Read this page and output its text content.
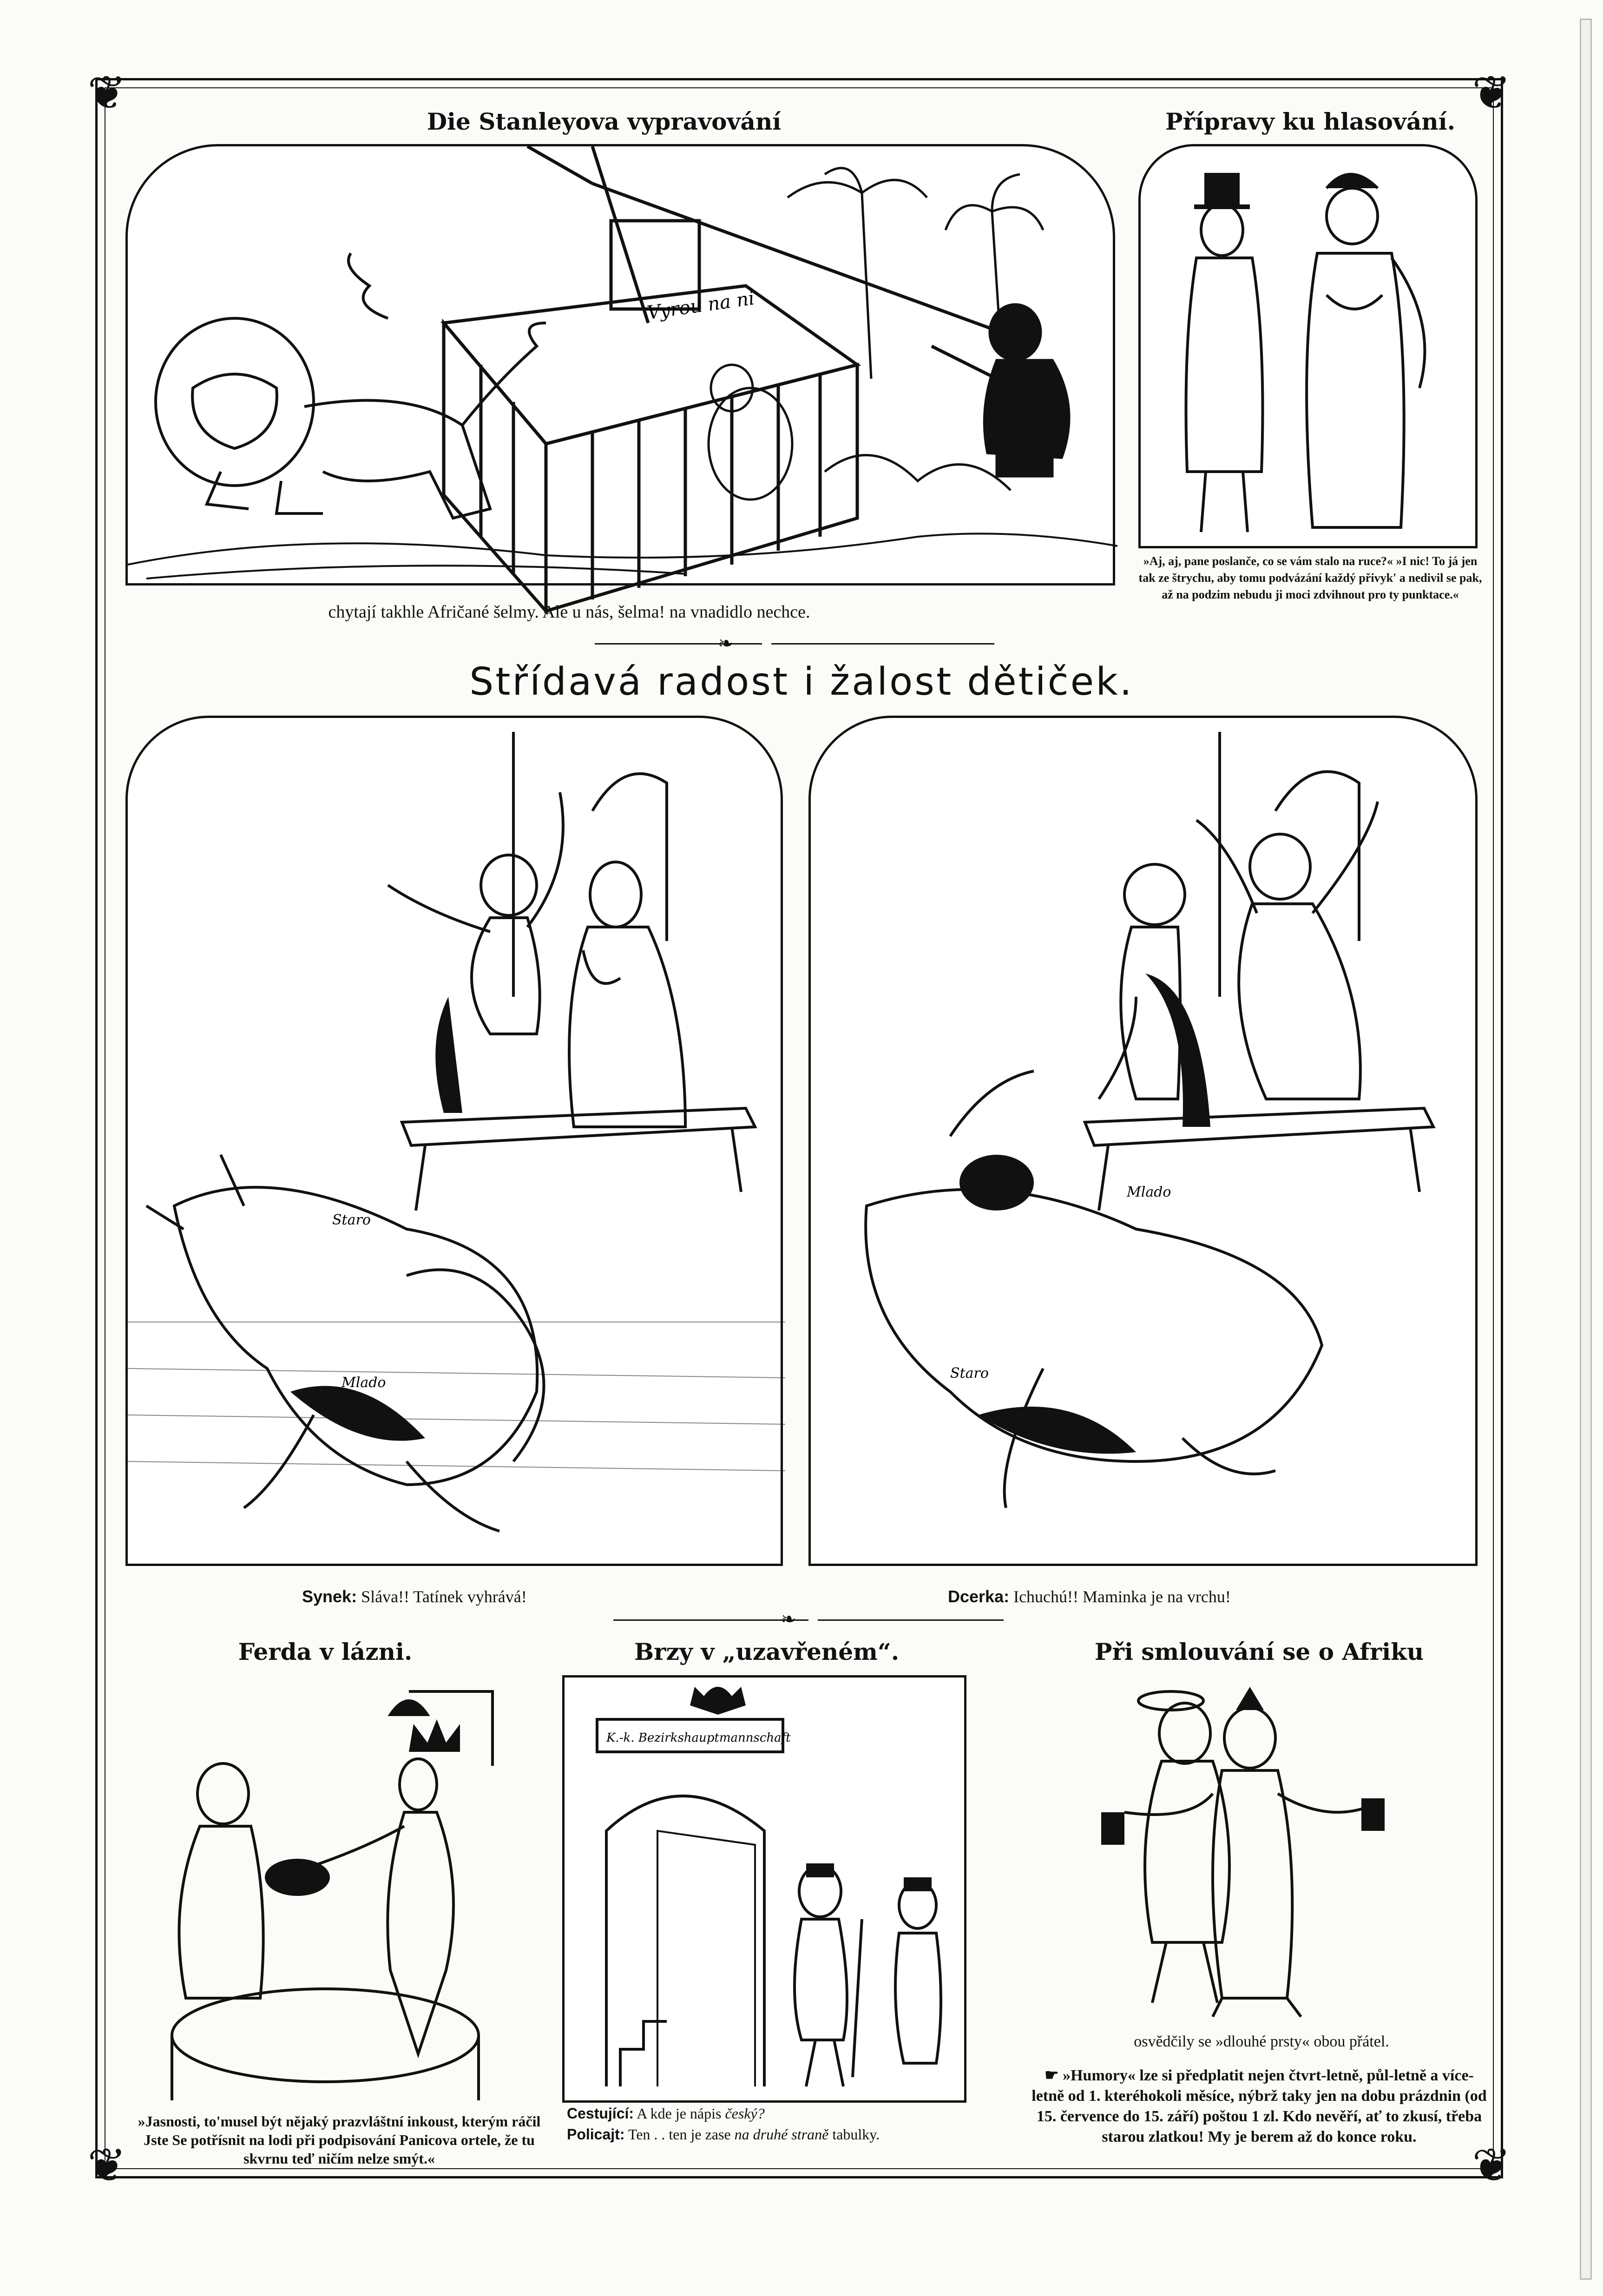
❦	❦
❦	❦
Die Stanleyova vypravování
Vyrou na ni
chytají takhle Afričané šelmy. Ale u nás, šelma! na vnadidlo nechce.
Přípravy ku hlasování.
»Aj, aj, pane poslanče, co se vám stalo na ruce?« »I nic! To já jen tak ze štrychu, aby tomu podvázání každý přivyk' a nedivil se pak, až na podzim nebudu ji moci zdvihnout pro ty punktace.«
❧
Střídavá radost i žalost dětiček.
Staro
Mlado
Mlado
Staro
Synek: Sláva!! Tatínek vyhrává!	Dcerka: Ichuchú!! Maminka je na vrchu!
❧
Ferda v lázni.
»Jasnosti, to'musel být nějaký prazvláštní inkoust, kterým ráčil Jste Se potřísnit na lodi při podpisování Panicova ortele, že tu skvrnu teď ničím nelze smýt.«
Brzy v „uzavřeném“.
K.-k. Bezirkshauptmannschaft
Cestující: A kde je nápis český?
Policajt: Ten . . ten je zase na druhé straně tabulky.
Při smlouvání se o Afriku
osvědčily se »dlouhé prsty« obou přátel.
☛ »Humory« lze si předplatit nejen čtvrt-letně, půl-letně a více-letně od 1. kteréhokoli měsíce, nýbrž taky jen na dobu prázdnin (od 15. července do 15. září) poštou 1 zl. Kdo nevěří, ať to zkusí, třeba starou zlatkou! My je berem až do konce roku.
